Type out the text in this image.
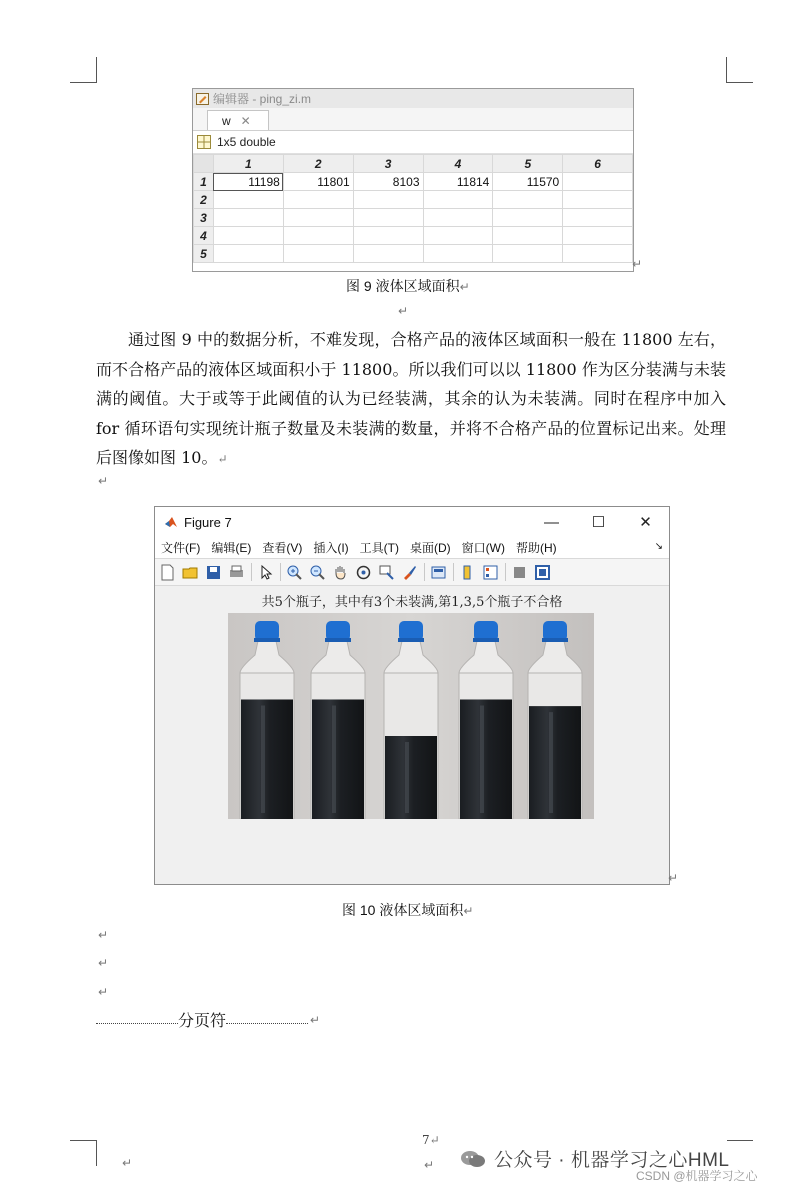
编辑器 - ping_zi.m
w ✕
1x5 double
	1	2	3	4	5	6
1	11198	11801	8103	11814	11570	
2						
3						
4						
5						
↵
图 9 液体区域面积↵
↵

通过图 9 中的数据分析，不难发现，合格产品的液体区域面积一般在 11800 左右，而不合格产品的液体区域面积小于 11800。所以我们可以以 11800 作为区分装满与未装满的阈值。大于或等于此阈值的认为已经装满，其余的认为未装满。同时在程序中加入 for 循环语句实现统计瓶子数量及未装满的数量，并将不合格产品的位置标记出来。处理后图像如图 10。↵

↵
Figure 7	—	☐	✕
文件(F) 编辑(E) 查看(V) 插入(I) 工具(T) 桌面(D) 窗口(W) 帮助(H)	↘
共5个瓶子，其中有3个未装满,第1,3,5个瓶子不合格
↵
图 10 液体区域面积↵
↵
↵
↵
分页符	↵
7↵
↵	↵	公众号 · 机器学习之心HML
CSDN @机器学习之心
